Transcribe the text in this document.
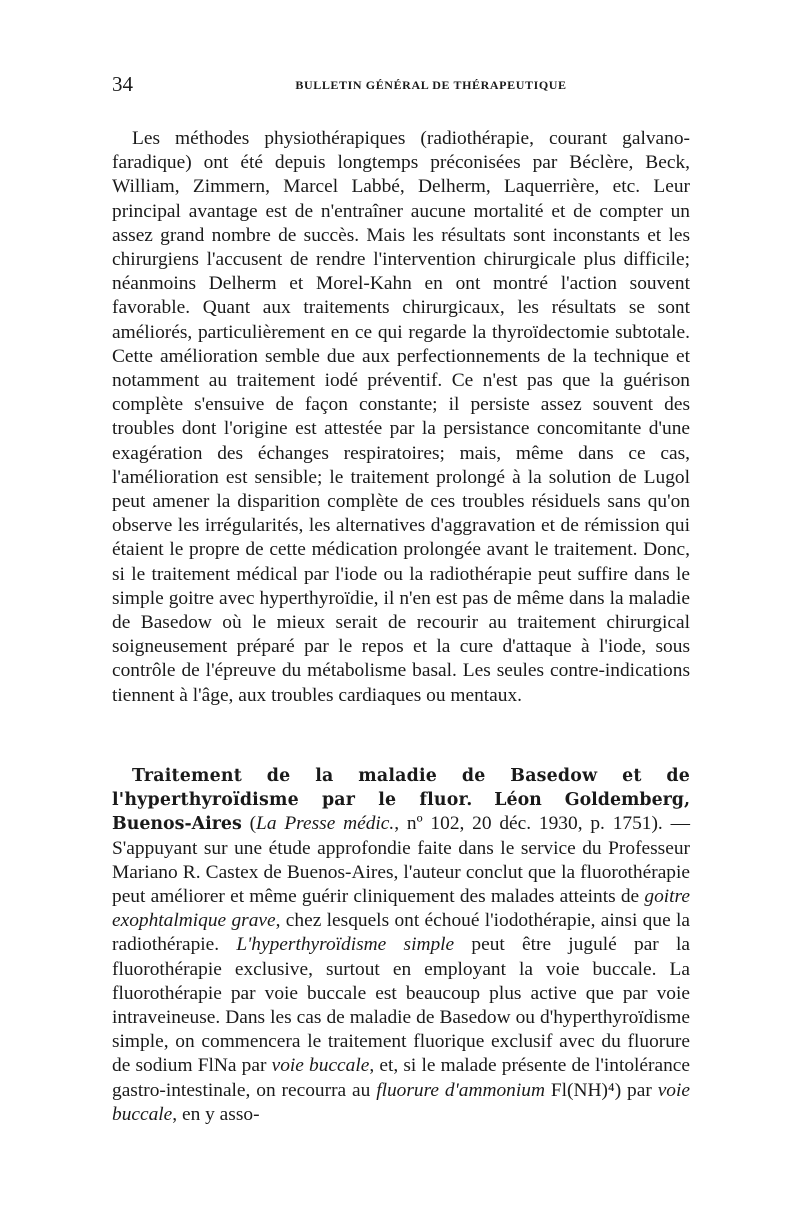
34	BULLETIN GÉNÉRAL DE THÉRAPEUTIQUE

Les méthodes physiothérapiques (radiothérapie, courant galvano-faradique) ont été depuis longtemps préconisées par Béclère, Beck, William, Zimmern, Marcel Labbé, Delherm, Laquerrière, etc. Leur principal avantage est de n'entraîner aucune mortalité et de compter un assez grand nombre de succès. Mais les résultats sont inconstants et les chirurgiens l'accusent de rendre l'intervention chirurgicale plus difficile; néanmoins Delherm et Morel-Kahn en ont montré l'action souvent favorable. Quant aux traitements chirurgicaux, les résultats se sont améliorés, particulièrement en ce qui regarde la thyroïdectomie subtotale. Cette amélioration semble due aux perfectionnements de la technique et notamment au traitement iodé préventif. Ce n'est pas que la guérison complète s'ensuive de façon constante; il persiste assez souvent des troubles dont l'origine est attestée par la persistance concomitante d'une exagération des échanges respiratoires; mais, même dans ce cas, l'amélioration est sensible; le traitement prolongé à la solution de Lugol peut amener la disparition complète de ces troubles résiduels sans qu'on observe les irrégularités, les alternatives d'aggravation et de rémission qui étaient le propre de cette médication prolongée avant le traitement. Donc, si le traitement médical par l'iode ou la radiothérapie peut suffire dans le simple goitre avec hyperthyroïdie, il n'en est pas de même dans la maladie de Basedow où le mieux serait de recourir au traitement chirurgical soigneusement préparé par le repos et la cure d'attaque à l'iode, sous contrôle de l'épreuve du métabolisme basal. Les seules contre-indications tiennent à l'âge, aux troubles cardiaques ou mentaux.

Traitement de la maladie de Basedow et de l'hyperthyroïdisme par le fluor. Léon Goldemberg, Buenos-Aires (La Presse médic., nº 102, 20 déc. 1930, p. 1751). — S'appuyant sur une étude approfondie faite dans le service du Professeur Mariano R. Castex de Buenos-Aires, l'auteur conclut que la fluorothérapie peut améliorer et même guérir cliniquement des malades atteints de goitre exophtalmique grave, chez lesquels ont échoué l'iodothérapie, ainsi que la radiothérapie. L'hyperthyroïdisme simple peut être jugulé par la fluorothérapie exclusive, surtout en employant la voie buccale. La fluorothérapie par voie buccale est beaucoup plus active que par voie intraveineuse. Dans les cas de maladie de Basedow ou d'hyperthyroïdisme simple, on commencera le traitement fluorique exclusif avec du fluorure de sodium FlNa par voie buccale, et, si le malade présente de l'intolérance gastro-intestinale, on recourra au fluorure d'ammonium Fl(NH)⁴) par voie buccale, en y asso-
